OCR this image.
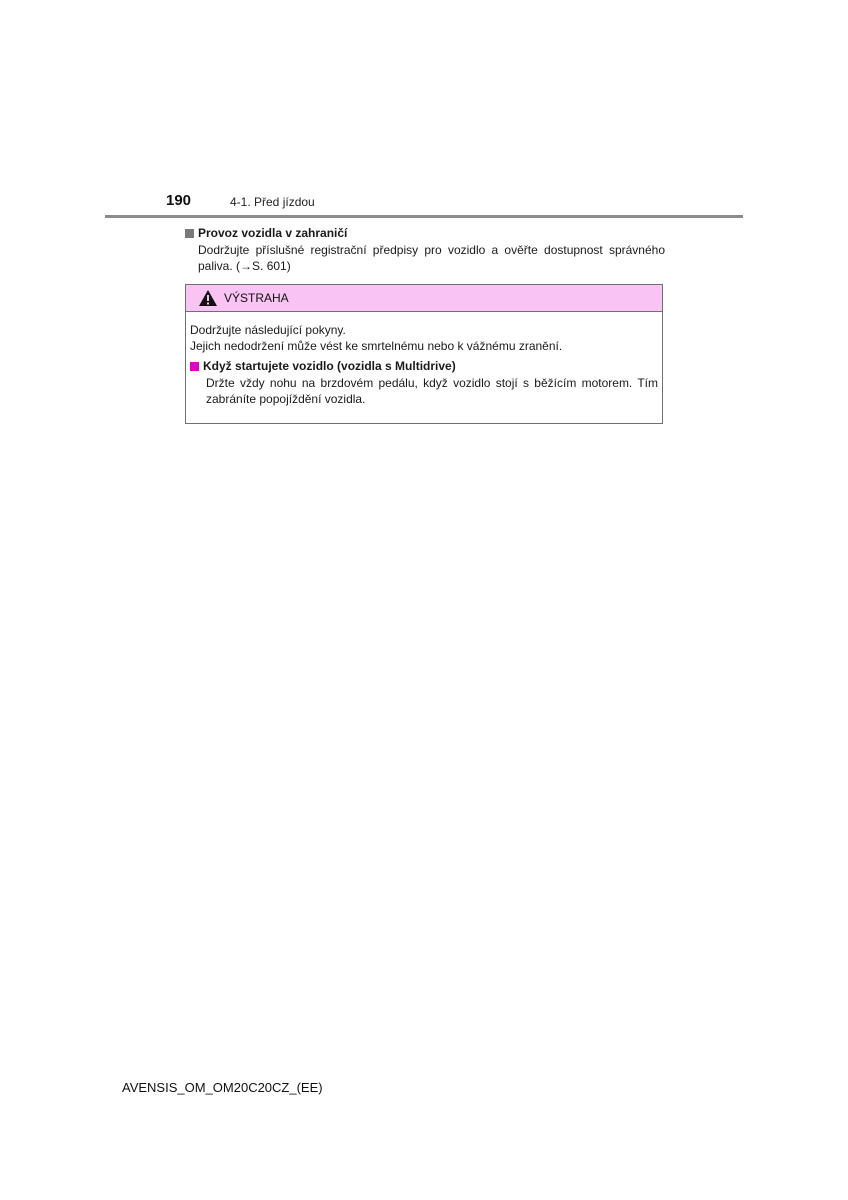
190	4-1. Před jízdou
Provoz vozidla v zahraničí
Dodržujte příslušné registrační předpisy pro vozidlo a ověřte dostupnost správného paliva. (→S. 601)
VÝSTRAHA

Dodržujte následující pokyny.

Jejich nedodržení může vést ke smrtelnému nebo k vážnému zranění.

Když startujete vozidlo (vozidla s Multidrive)
Držte vždy nohu na brzdovém pedálu, když vozidlo stojí s běžícím motorem. Tím zabráníte popojíždění vozidla.
AVENSIS_OM_OM20C20CZ_(EE)
